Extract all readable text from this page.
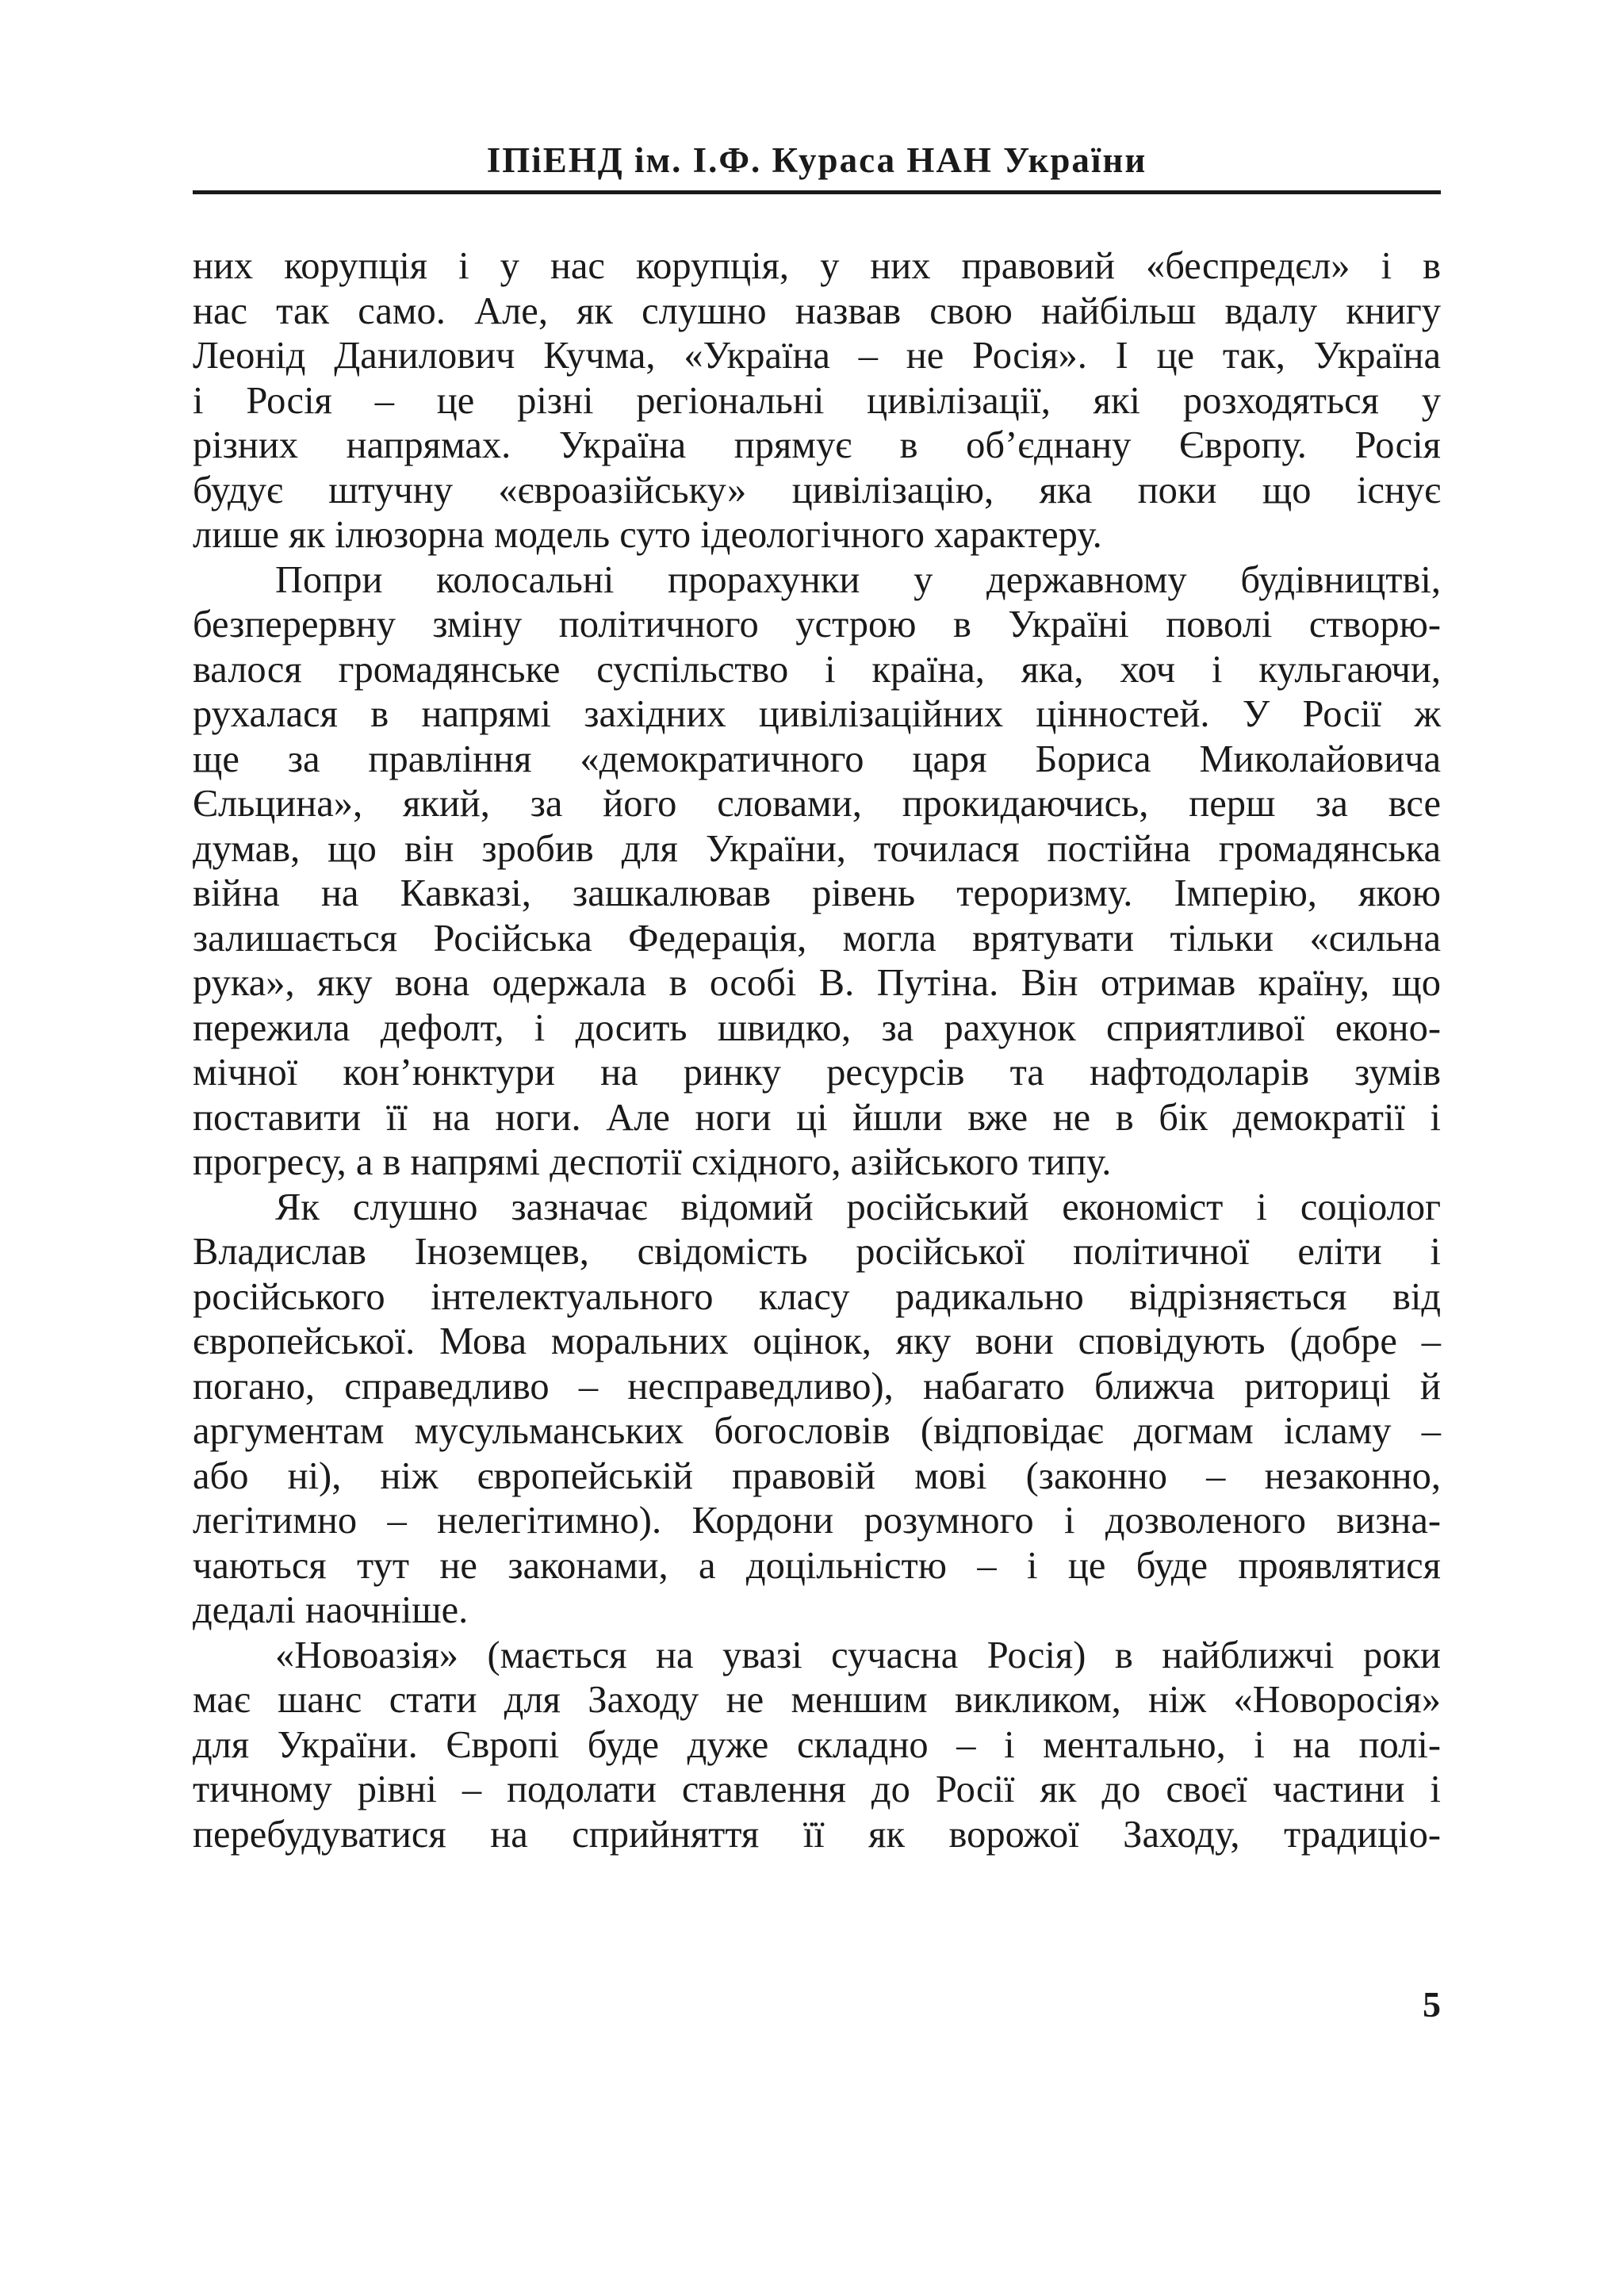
ІПіЕНД ім. І.Ф. Кураса НАН України
них корупція і у нас корупція, у них правовий «беспредєл» і в
нас так само. Але, як слушно назвав свою найбільш вдалу книгу
Леонід Данилович Кучма, «Україна – не Росія». І це так, Україна
і Росія – це різні регіональні цивілізації, які розходяться у
різних напрямах. Україна прямує в об’єднану Європу. Росія
будує штучну «євроазійську» цивілізацію, яка поки що існує
лише як ілюзорна модель суто ідеологічного характеру.
Попри колосальні прорахунки у державному будівництві,
безперервну зміну політичного устрою в Україні поволі створю-
валося громадянське суспільство і країна, яка, хоч і кульгаючи,
рухалася в напрямі західних цивілізаційних цінностей. У Росії ж
ще за правління «демократичного царя Бориса Миколайовича
Єльцина», який, за його словами, прокидаючись, перш за все
думав, що він зробив для України, точилася постійна громадянська
війна на Кавказі, зашкалював рівень тероризму. Імперію, якою
залишається Російська Федерація, могла врятувати тільки «сильна
рука», яку вона одержала в особі В. Путіна. Він отримав країну, що
пережила дефолт, і досить швидко, за рахунок сприятливої еконо-
мічної кон’юнктури на ринку ресурсів та нафтодоларів зумів
поставити її на ноги. Але ноги ці йшли вже не в бік демократії і
прогресу, а в напрямі деспотії східного, азійського типу.
Як слушно зазначає відомий російський економіст і соціолог
Владислав Іноземцев, свідомість російської політичної еліти і
російського інтелектуального класу радикально відрізняється від
європейської. Мова моральних оцінок, яку вони сповідують (добре –
погано, справедливо – несправедливо), набагато ближча риториці й
аргументам мусульманських богословів (відповідає догмам ісламу –
або ні), ніж європейській правовій мові (законно – незаконно,
легітимно – нелегітимно). Кордони розумного і дозволеного визна-
чаються тут не законами, а доцільністю – і це буде проявлятися
дедалі наочніше.
«Новоазія» (мається на увазі сучасна Росія) в найближчі роки
має шанс стати для Заходу не меншим викликом, ніж «Новоросія»
для України. Європі буде дуже складно – і ментально, і на полі-
тичному рівні – подолати ставлення до Росії як до своєї частини і
перебудуватися на сприйняття її як ворожої Заходу, традиціо-
5
